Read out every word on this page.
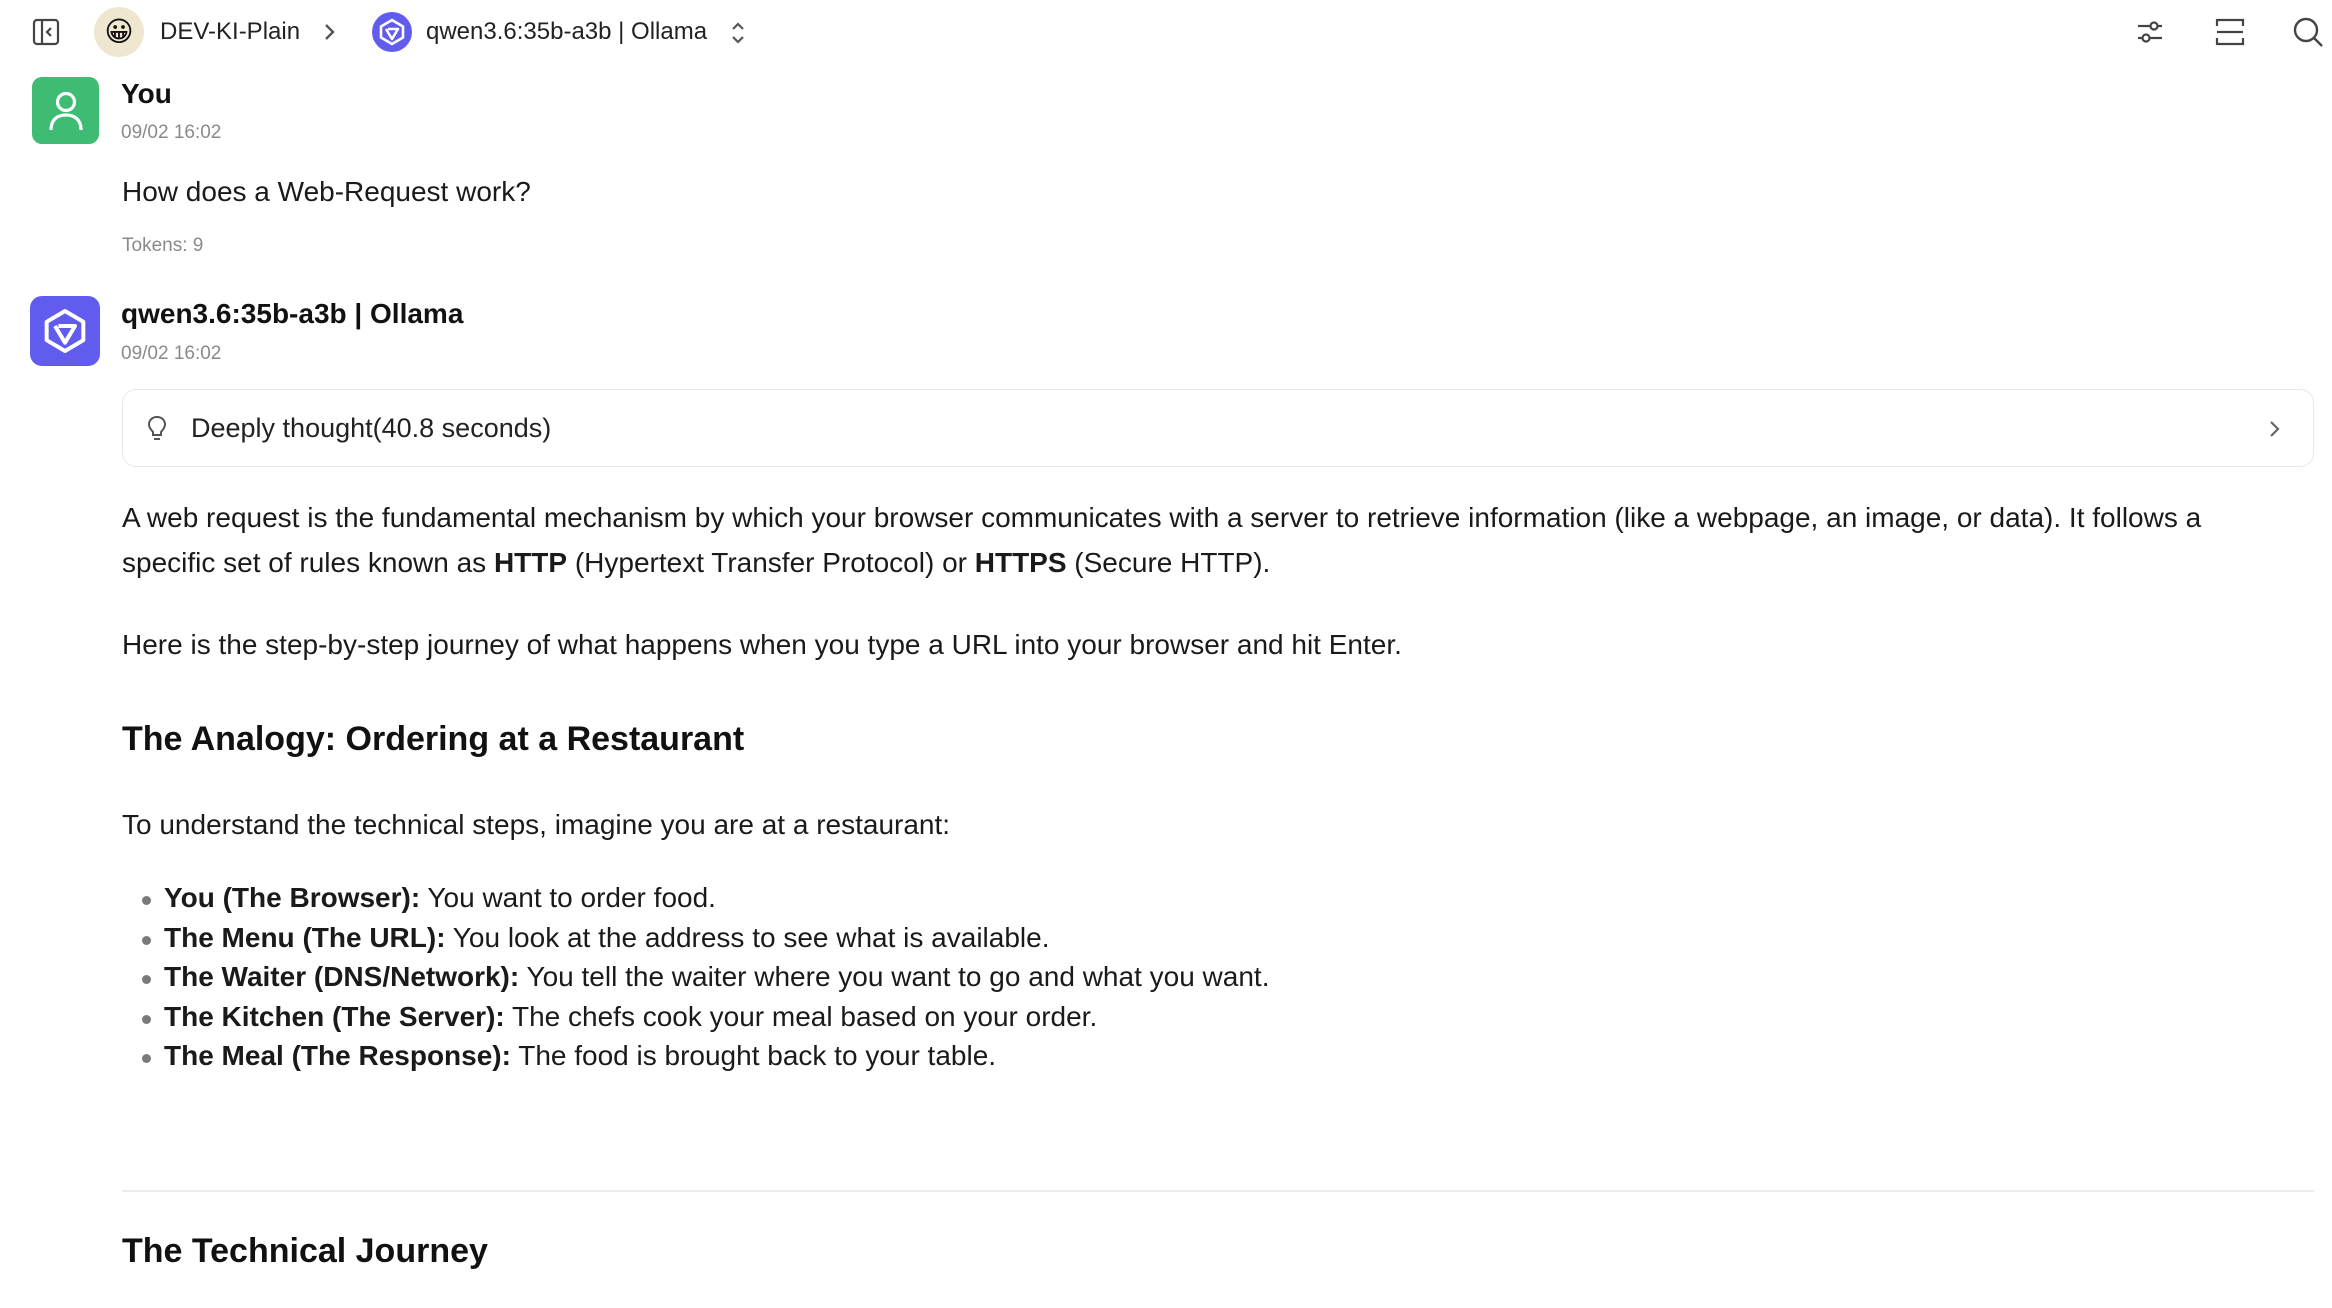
😀 DEV-KI-Plain	qwen3.6:35b-a3b | Ollama
You
09/02 16:02
How does a Web-Request work?
Tokens: 9
qwen3.6:35b-a3b | Ollama
09/02 16:02
Deeply thought(40.8 seconds)
A web request is the fundamental mechanism by which your browser communicates with a server to retrieve information (like a webpage, an image, or data). It follows a
specific set of rules known as HTTP (Hypertext Transfer Protocol) or HTTPS (Secure HTTP).
Here is the step-by-step journey of what happens when you type a URL into your browser and hit Enter.
The Analogy: Ordering at a Restaurant
To understand the technical steps, imagine you are at a restaurant:
You (The Browser): You want to order food.
The Menu (The URL): You look at the address to see what is available.
The Waiter (DNS/Network): You tell the waiter where you want to go and what you want.
The Kitchen (The Server): The chefs cook your meal based on your order.
The Meal (The Response): The food is brought back to your table.
The Technical Journey
